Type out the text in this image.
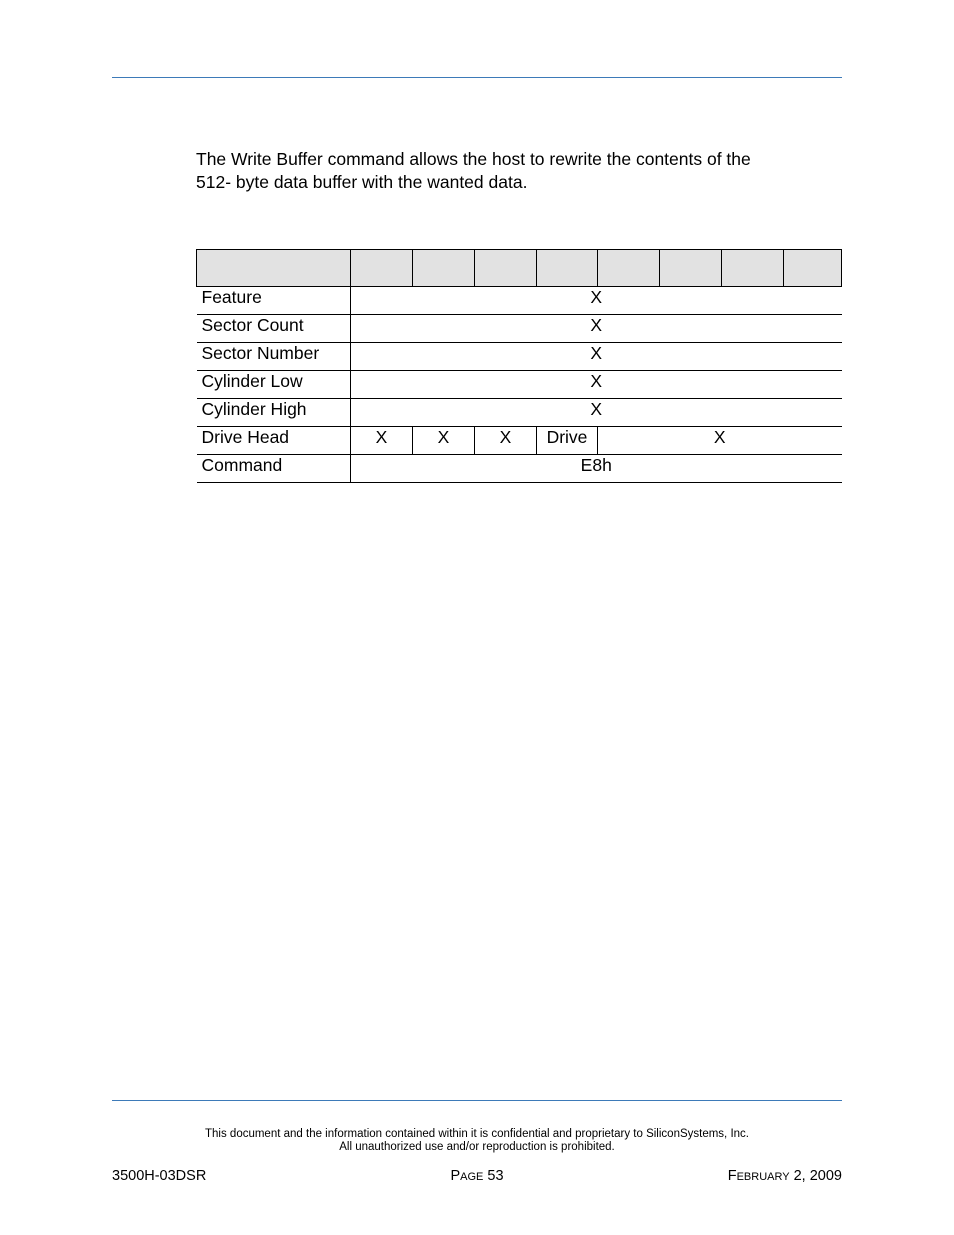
The Write Buffer command allows the host to rewrite the contents of the
512- byte data buffer with the wanted data.

Feature	X							
Sector Count	X							
Sector Number	X							
Cylinder Low	X							
Cylinder High	X							
Drive Head	X	X	X	Drive	X			
Command	E8h							
This document and the information contained within it is confidential and proprietary to SiliconSystems, Inc.
All unauthorized use and/or reproduction is prohibited.
3500H-03DSR	PAGE 53	FEBRUARY 2, 2009
